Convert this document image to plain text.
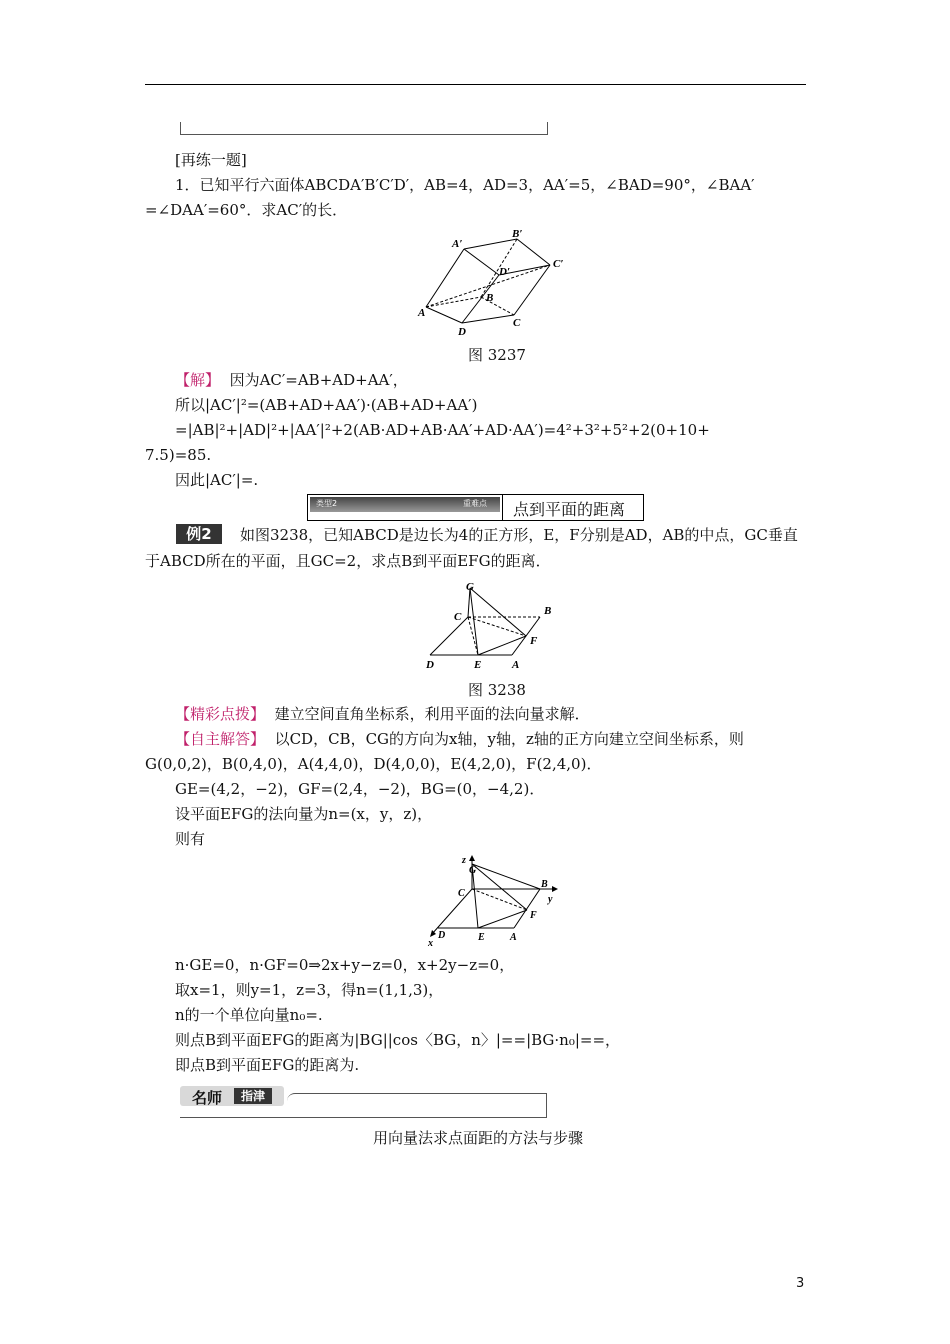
[再练一题]
1．已知平行六面体ABCDA′B′C′D′，AB=4，AD=3，AA′=5，∠BAD=90°，∠BAA′
=∠DAA′=60°．求AC′的长．
A′
B′
C′
D′
B
A
D
C
图 3237
【解】 因为AC′=AB+AD+AA′，
所以|AC′|²=(AB+AD+AA′)·(AB+AD+AA′)
=|AB|²+|AD|²+|AA′|²+2(AB·AD+AB·AA′+AD·AA′)=4²+3²+5²+2(0+10+
7.5)=85.
因此|AC′|=.
类型2	重难点 点到平面的距离
例2	如图3238，已知ABCD是边长为4的正方形，E，F分别是AD，AB的中点，GC垂直
于ABCD所在的平面，且GC=2，求点B到平面EFG的距离．
G
C	B
F
D	E	A
图 3238
【精彩点拨】 建立空间直角坐标系，利用平面的法向量求解．
【自主解答】 以CD，CB，CG的方向为x轴，y轴，z轴的正方向建立空间坐标系，则
G(0,0,2)，B(0,4,0)，A(4,4,0)，D(4,0,0)，E(4,2,0)，F(2,4,0)．
GE=(4,2，−2)，GF=(2,4，−2)，BG=(0，−4,2)．
设平面EFG的法向量为n=(x，y，z)，
则有
z
G
C
B
y
F
x
D	E	A
n·GE=0，n·GF=0⇒2x+y−z=0，x+2y−z=0，
取x=1，则y=1，z=3，得n=(1,1,3)，
n的一个单位向量n₀=.
则点B到平面EFG的距离为|BG||cos〈BG，n〉|==|BG·n₀|==，
即点B到平面EFG的距离为.
名师	指津
用向量法求点面距的方法与步骤
3
